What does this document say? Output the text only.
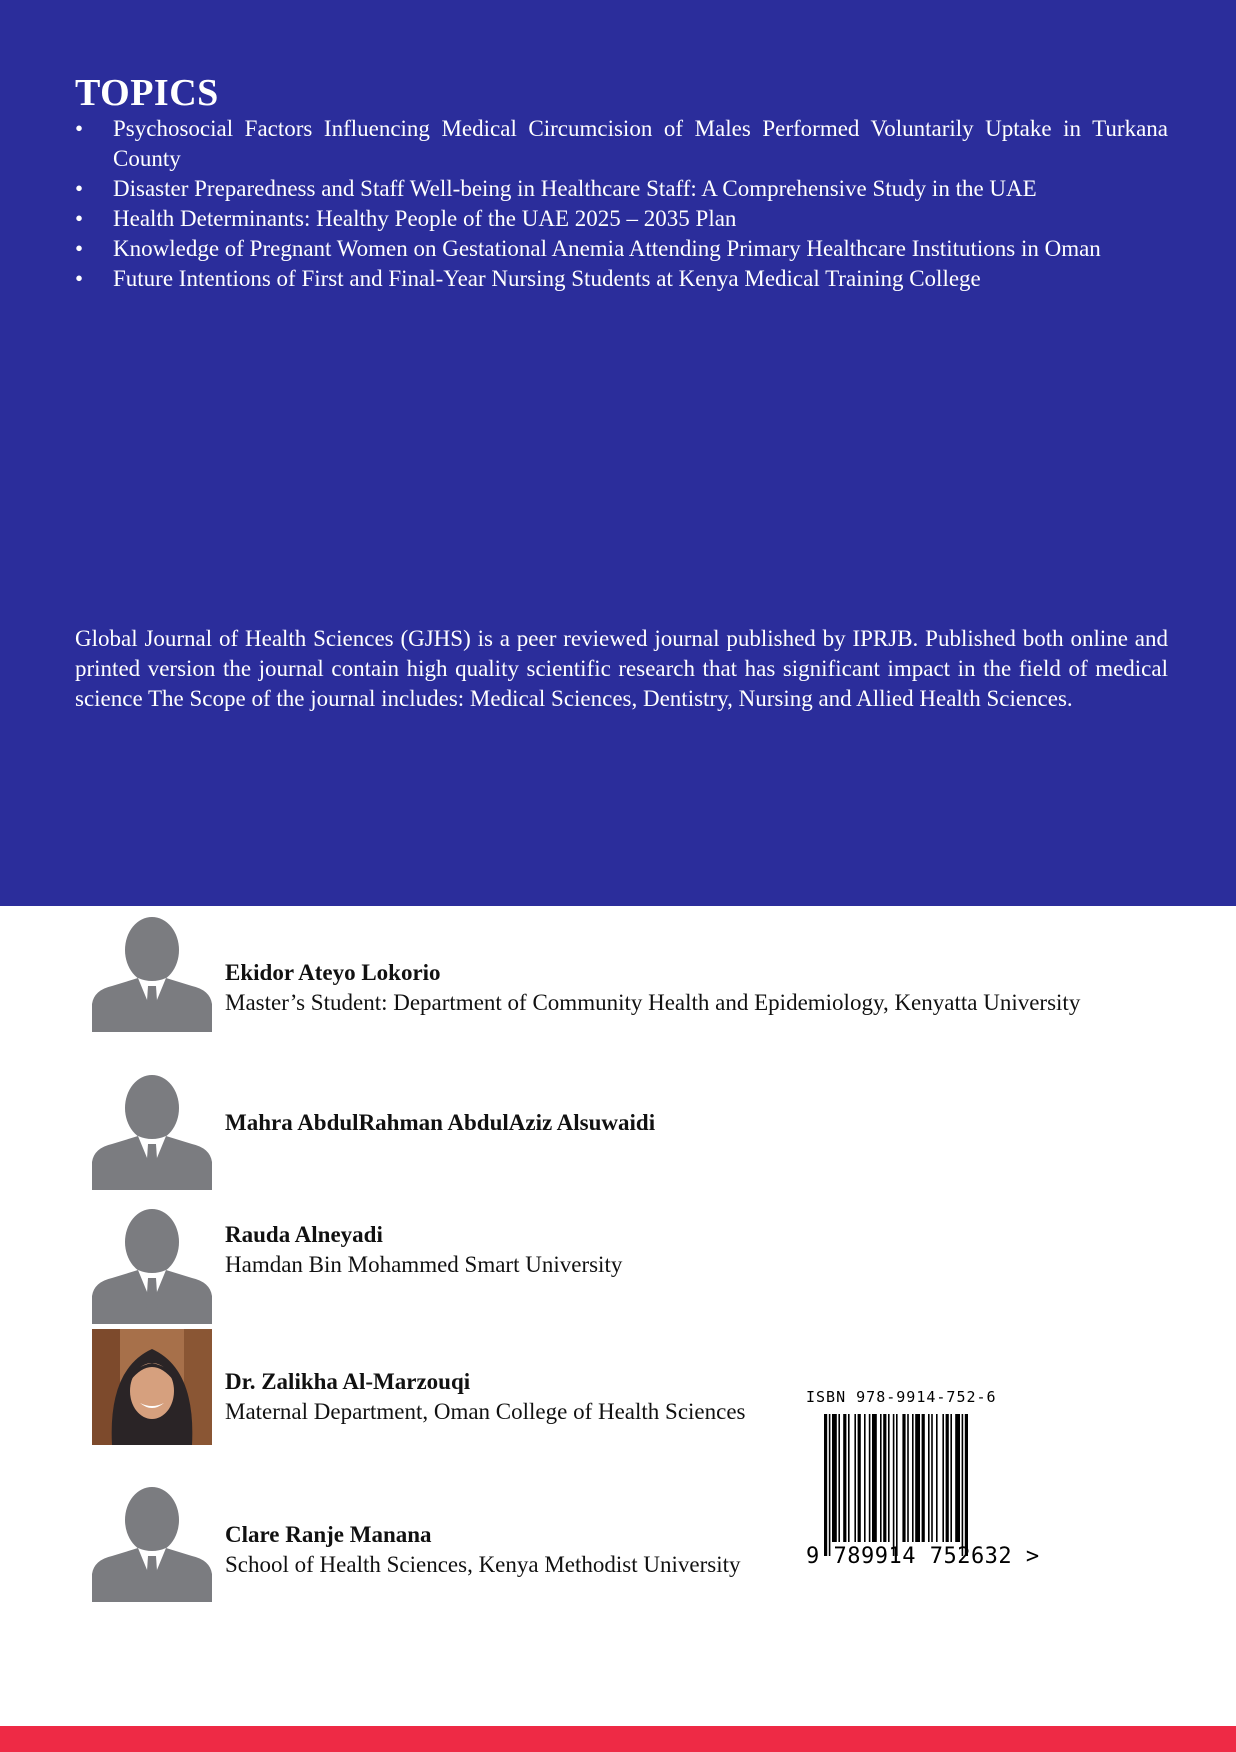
TOPICS
• Psychosocial Factors Influencing Medical Circumcision of Males Performed Voluntarily Uptake in Turkana County
• Disaster Preparedness and Staff Well-being in Healthcare Staff: A Comprehensive Study in the UAE
• Health Determinants: Healthy People of the UAE 2025 – 2035 Plan
• Knowledge of Pregnant Women on Gestational Anemia Attending Primary Healthcare Institutions in Oman
• Future Intentions of First and Final-Year Nursing Students at Kenya Medical Training College

Global Journal of Health Sciences (GJHS) is a peer reviewed journal published by IPRJB. Published both online and printed version the journal contain high quality scientific research that has significant impact in the field of medical science The Scope of the journal includes: Medical Sciences, Dentistry, Nursing and Allied Health Sciences.

Ekidor Ateyo Lokorio
Master’s Student: Department of Community Health and Epidemiology, Kenyatta University
Mahra AbdulRahman AbdulAziz Alsuwaidi
Rauda Alneyadi
Hamdan Bin Mohammed Smart University
Dr. Zalikha Al-Marzouqi
Maternal Department, Oman College of Health Sciences
Clare Ranje Manana
School of Health Sciences, Kenya Methodist University
ISBN 978-9914-752-6
9 789914 752632 >
